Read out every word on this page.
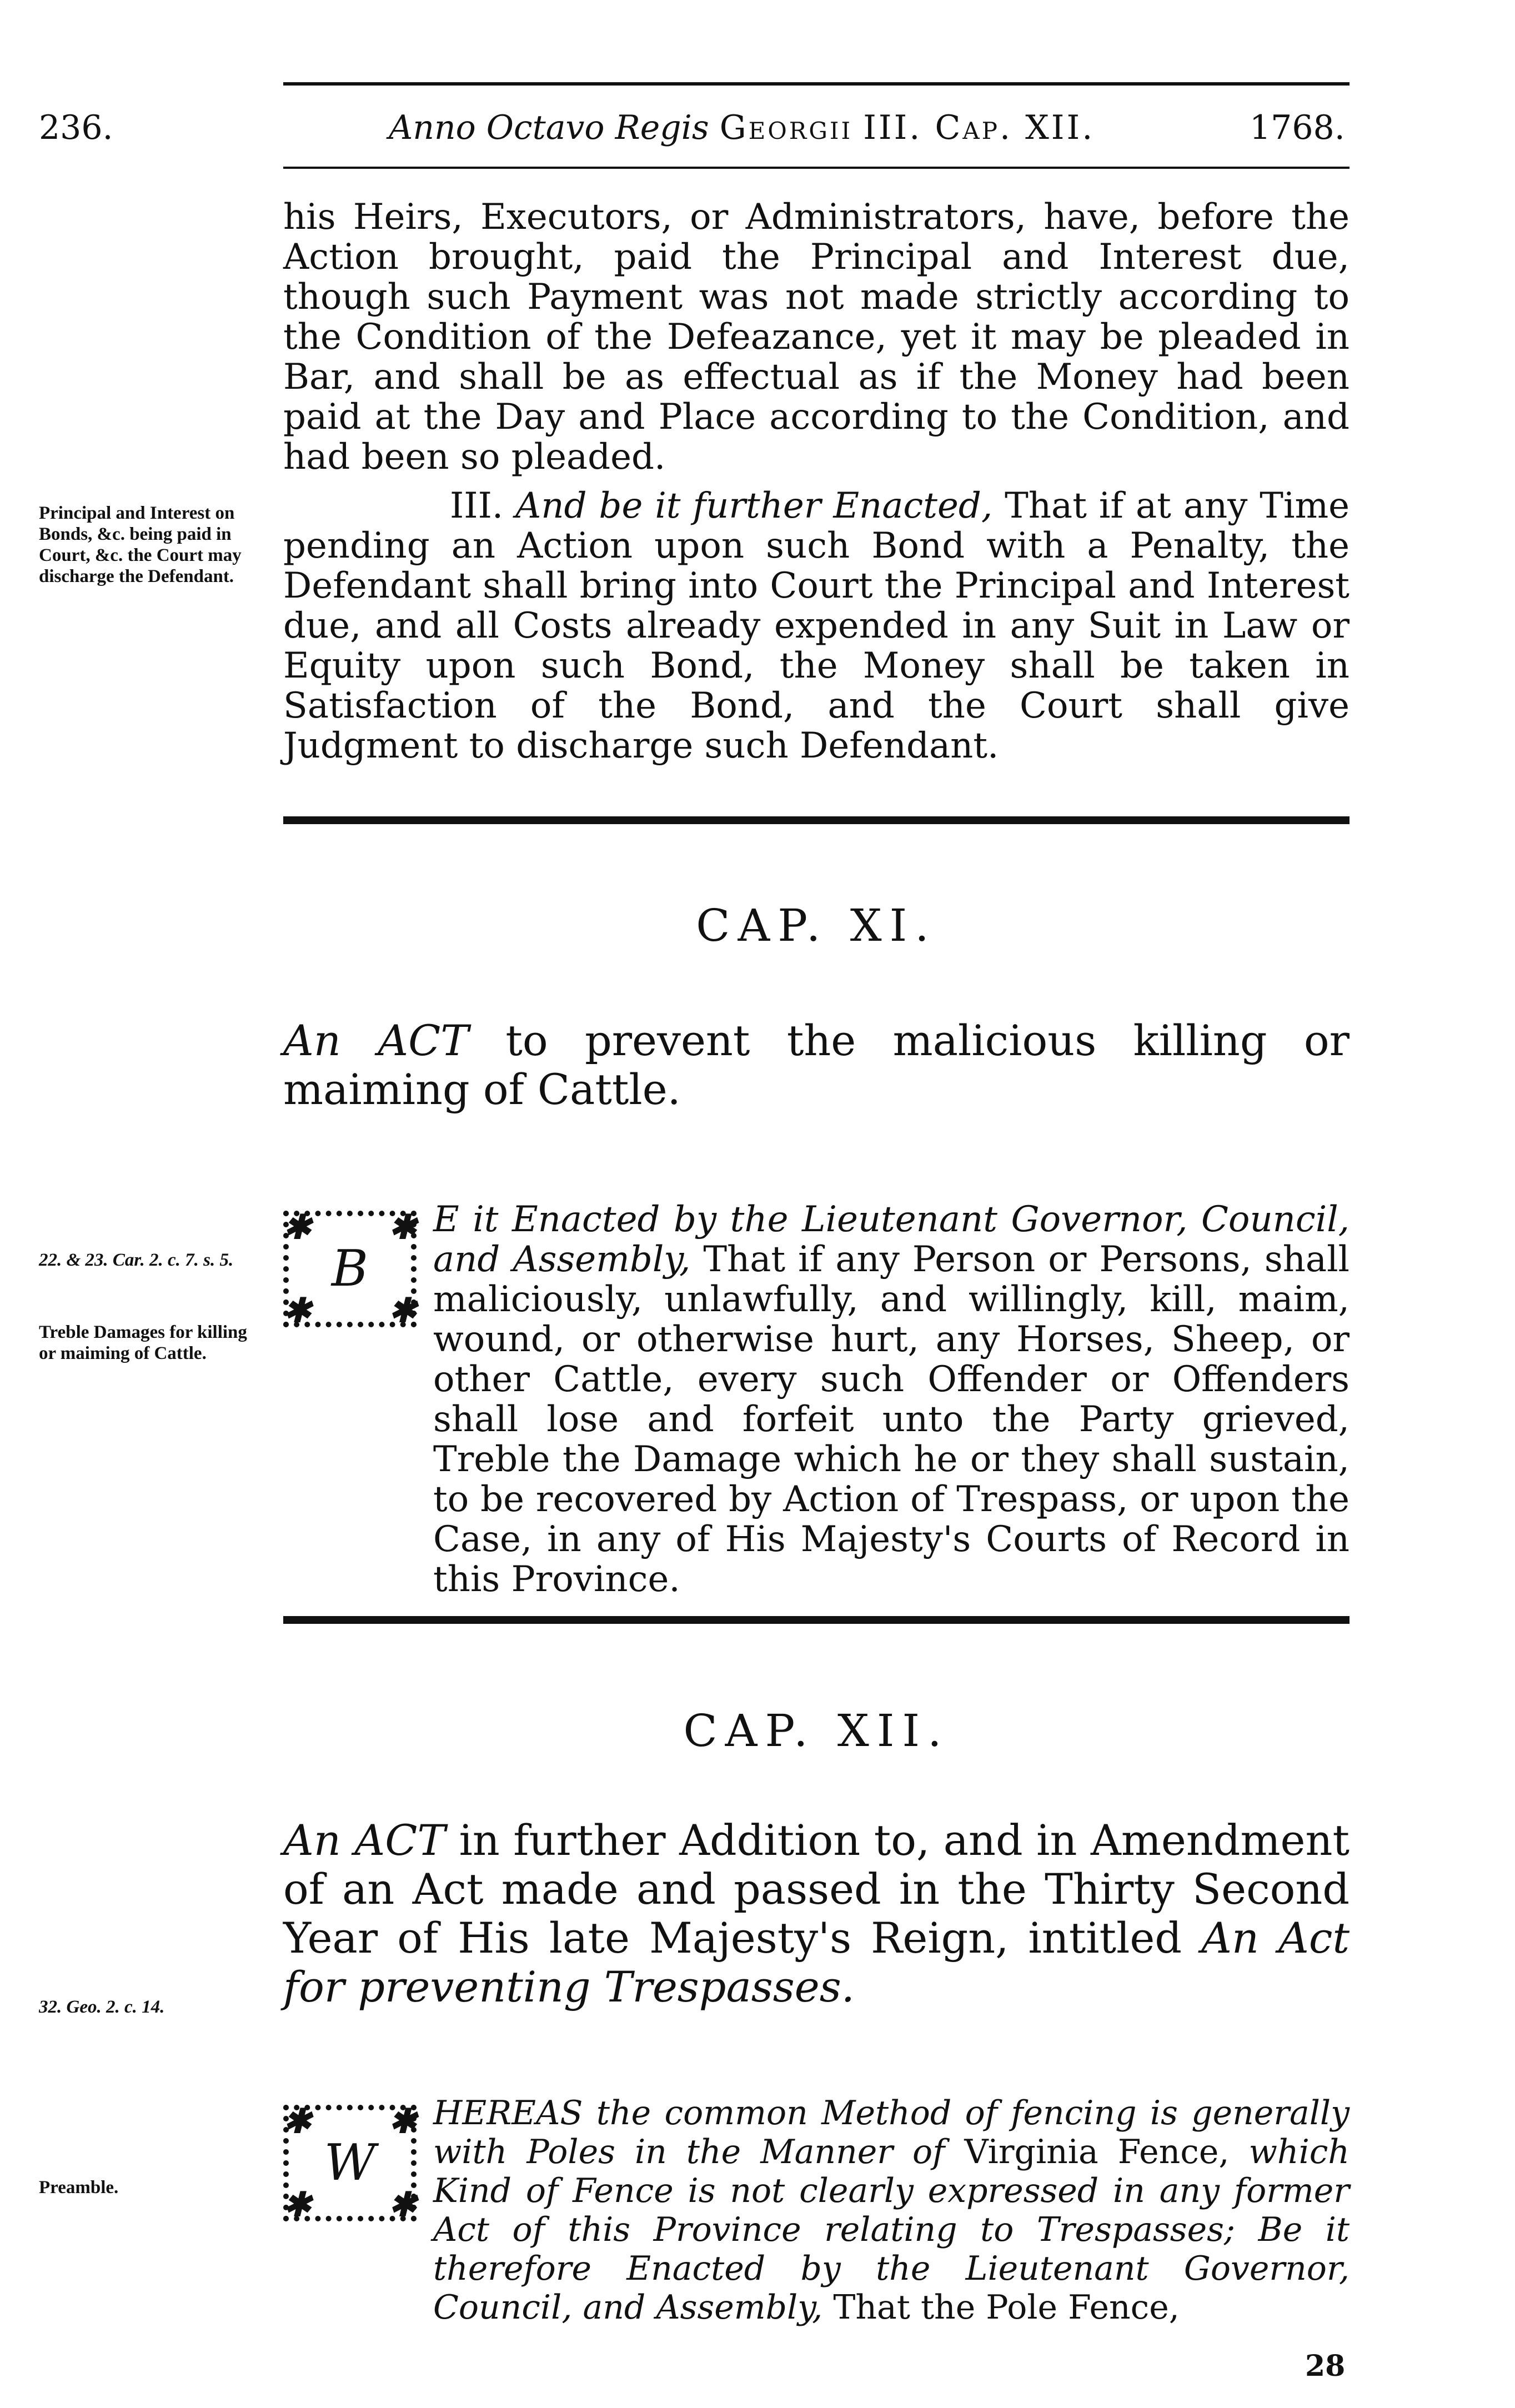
236.	Anno Octavo Regis Georgii III. Cap. XII.	1768.
his Heirs, Executors, or Administrators, have, before the Action brought, paid the Principal and Interest due, though such Payment was not made strictly according to the Condition of the Defeazance, yet it may be pleaded in Bar, and shall be as effectual as if the Money had been paid at the Day and Place according to the Condition, and had been so pleaded.
Principal and Interest on Bonds, &c. being paid in Court, &c. the Court may discharge the Defendant.
III. And be it further Enacted, That if at any Time pending an Action upon such Bond with a Penalty, the Defendant shall bring into Court the Principal and Interest due, and all Costs already expended in any Suit in Law or Equity upon such Bond, the Money shall be taken in Satisfaction of the Bond, and the Court shall give Judgment to discharge such Defendant.
CAP. XI.
An ACT to prevent the malicious killing or maiming of Cattle.
22. & 23. Car. 2. c. 7. s. 5.
Treble Damages for killing or maiming of Cattle.
✱ ✱
✱ ✱
B
E it Enacted by the Lieutenant Governor, Council, and Assembly, That if any Person or Persons, shall maliciously, unlawfully, and willingly, kill, maim, wound, or otherwise hurt, any Horses, Sheep, or other Cattle, every such Offender or Offenders shall lose and forfeit unto the Party grieved, Treble the Damage which he or they shall sustain, to be recovered by Action of Trespass, or upon the Case, in any of His Majesty's Courts of Record in this Province.
CAP. XII.
An ACT in further Addition to, and in Amendment of an Act made and passed in the Thirty Second Year of His late Majesty's Reign, intitled An Act for preventing Trespasses.
32. Geo. 2. c. 14.
Preamble.
✱ ✱
✱ ✱
W
HEREAS the common Method of fencing is generally with Poles in the Manner of Virginia Fence, which Kind of Fence is not clearly expressed in any former Act of this Province relating to Trespasses; Be it therefore Enacted by the Lieutenant Governor, Council, and Assembly, That the Pole Fence,
28
